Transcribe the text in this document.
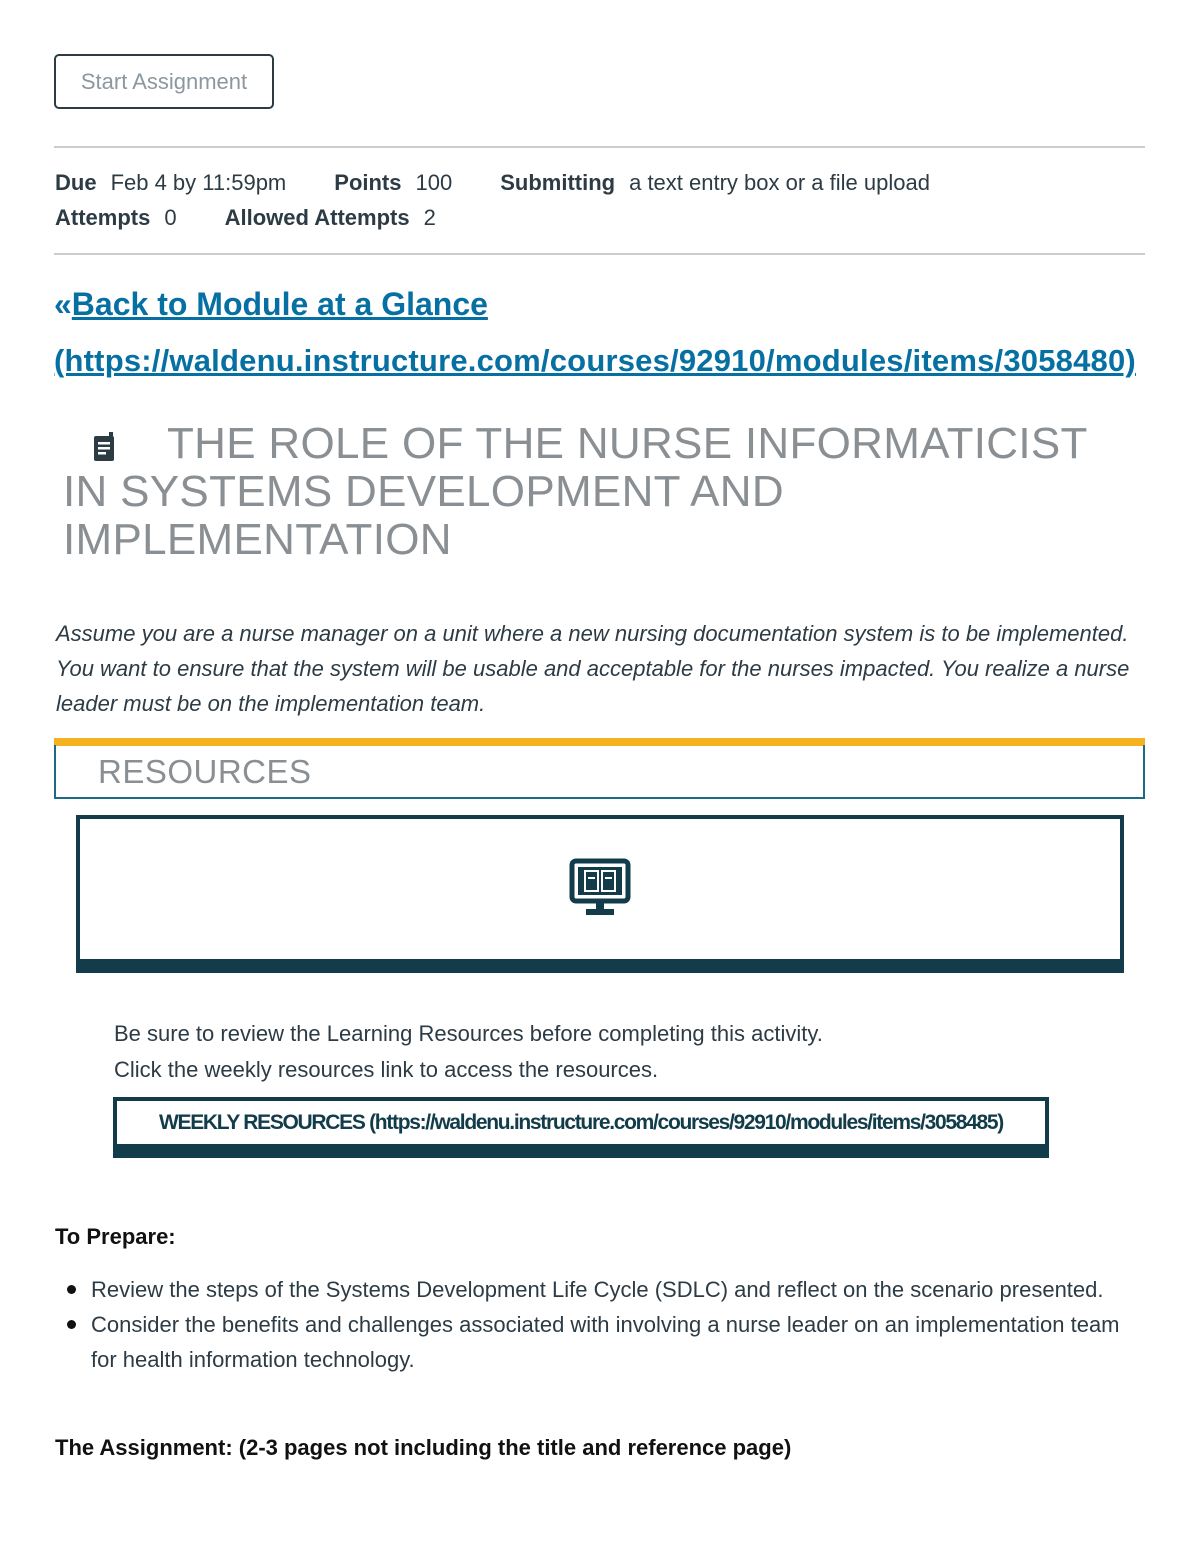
Start Assignment
Due Feb 4 by 11:59pm Points 100 Submitting a text entry box or a file upload
Attempts 0 Allowed Attempts 2
«Back to Module at a Glance
(https://waldenu.instructure.com/courses/92910/modules/items/3058480)
THE ROLE OF THE NURSE INFORMATICIST IN SYSTEMS DEVELOPMENT AND IMPLEMENTATION
Assume you are a nurse manager on a unit where a new nursing documentation system is to be implemented. You want to ensure that the system will be usable and acceptable for the nurses impacted. You realize a nurse leader must be on the implementation team.
RESOURCES
Be sure to review the Learning Resources before completing this activity.
Click the weekly resources link to access the resources.
WEEKLY RESOURCES (https://waldenu.instructure.com/courses/92910/modules/items/3058485)
To Prepare:
Review the steps of the Systems Development Life Cycle (SDLC) and reflect on the scenario presented.
Consider the benefits and challenges associated with involving a nurse leader on an implementation team for health information technology.
The Assignment: (2-3 pages not including the title and reference page)
